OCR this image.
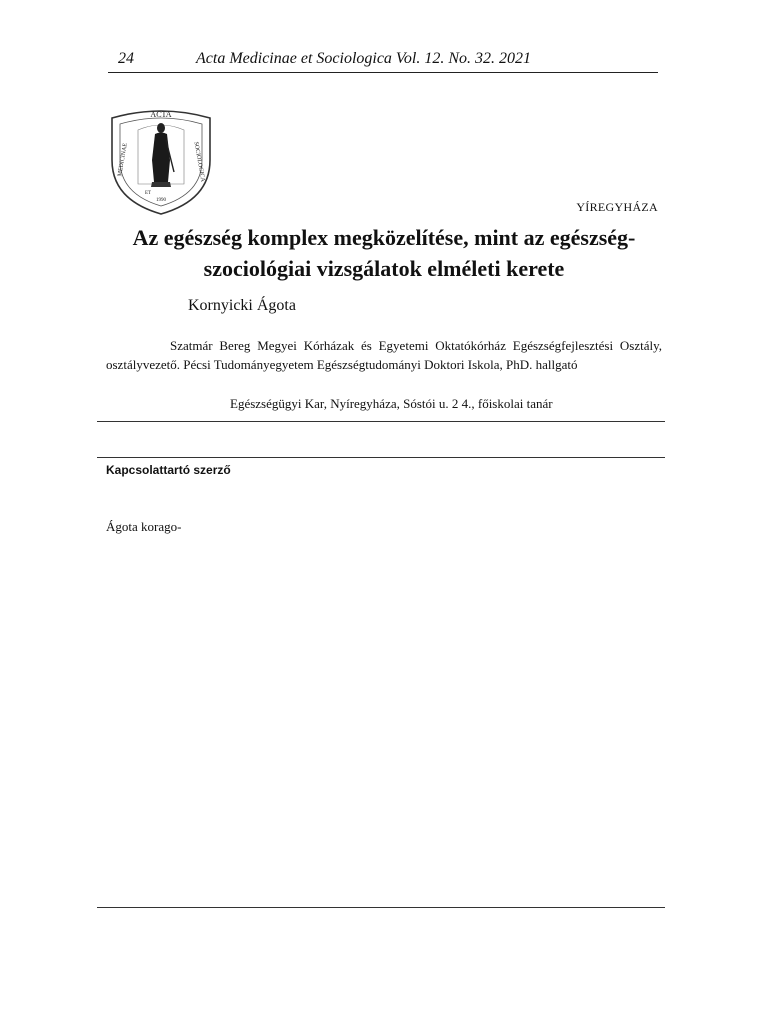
24	Acta Medicinae et Sociologica Vol. 12. No. 32. 2021
ACTA
MEDICINAE	SOCIOLOGICA
ET
1990	YÍREGYHÁZA
Az egészség komplex megközelítése, mint az egészség-szociológiai vizsgálatok elméleti kerete
Kornyicki Ágota
Szatmár Bereg Megyei Kórházak és Egyetemi Oktatókórház Egészségfejlesztési Osztály, osztályvezető. Pécsi Tudományegyetem Egészségtudományi Doktori Iskola, PhD. hallgató
Egészségügyi Kar, Nyíregyháza, Sóstói u. 2 4., főiskolai tanár
Kapcsolattartó szerző
Ágota korago-
